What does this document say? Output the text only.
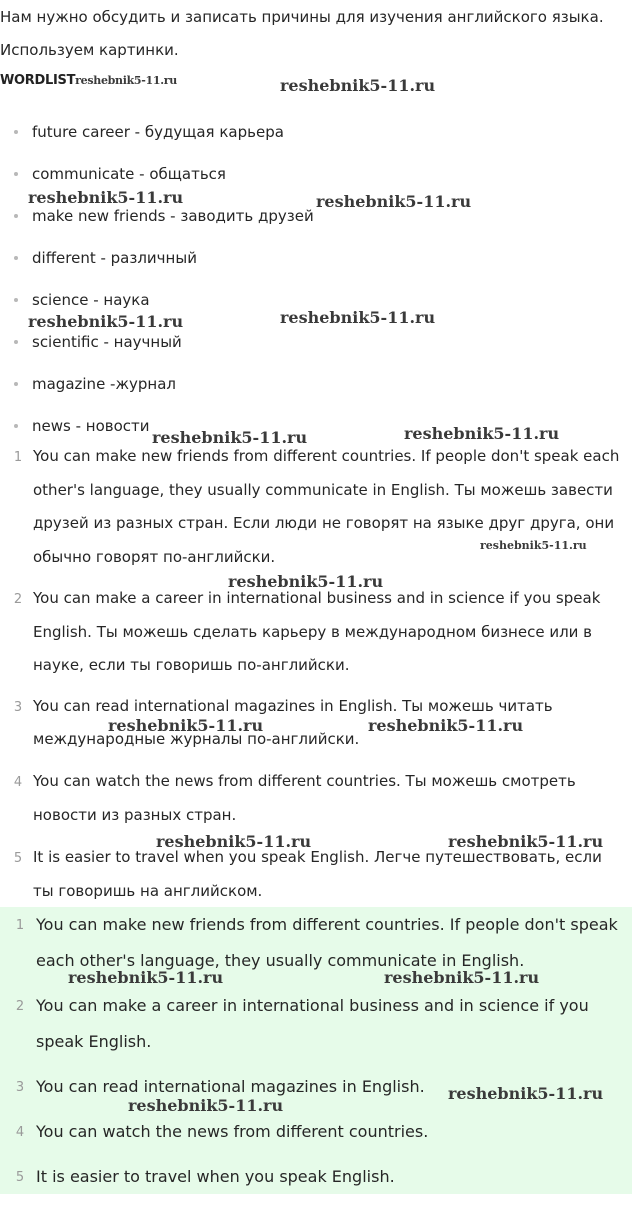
Нам нужно обсудить и записать причины для изучения английского языка.
Используем картинки.
WORDLISTreshebnik5-11.ru	reshebnik5-11.ru
future career - будущая карьера
communicate - общаться
reshebnik5-11.ru	reshebnik5-11.ru
make new friends - заводить друзей
different - различный
science - наука
reshebnik5-11.ru	reshebnik5-11.ru
scientific - научный
magazine -журнал
news - новости
reshebnik5-11.ru	reshebnik5-11.ru
1 You can make new friends from different countries. If people don't speak each other's language, they usually communicate in English. Ты можешь завести друзей из разных стран. Если люди не говорят на языке друг друга, они обычно говорят по-английски.

reshebnik5-11.ru
reshebnik5-11.ru
2 You can make a career in international business and in science if you speak English. Ты можешь сделать карьеру в международном бизнесе или в науке, если ты говоришь по-английски.

3 You can read international magazines in English. Ты можешь читать международные журналы по-английски.

reshebnik5-11.ru	reshebnik5-11.ru
4 You can watch the news from different countries. Ты можешь смотреть новости из разных стран.

reshebnik5-11.ru	reshebnik5-11.ru
5 It is easier to travel when you speak English. Легче путешествовать, если ты говоришь на английском.

1 You can make new friends from different countries. If people don't speak each other's language, they usually communicate in English.

reshebnik5-11.ru	reshebnik5-11.ru
2 You can make a career in international business and in science if you speak English.

3 You can read international magazines in English.	reshebnik5-11.ru
reshebnik5-11.ru
4 You can watch the news from different countries.

5 It is easier to travel when you speak English.
